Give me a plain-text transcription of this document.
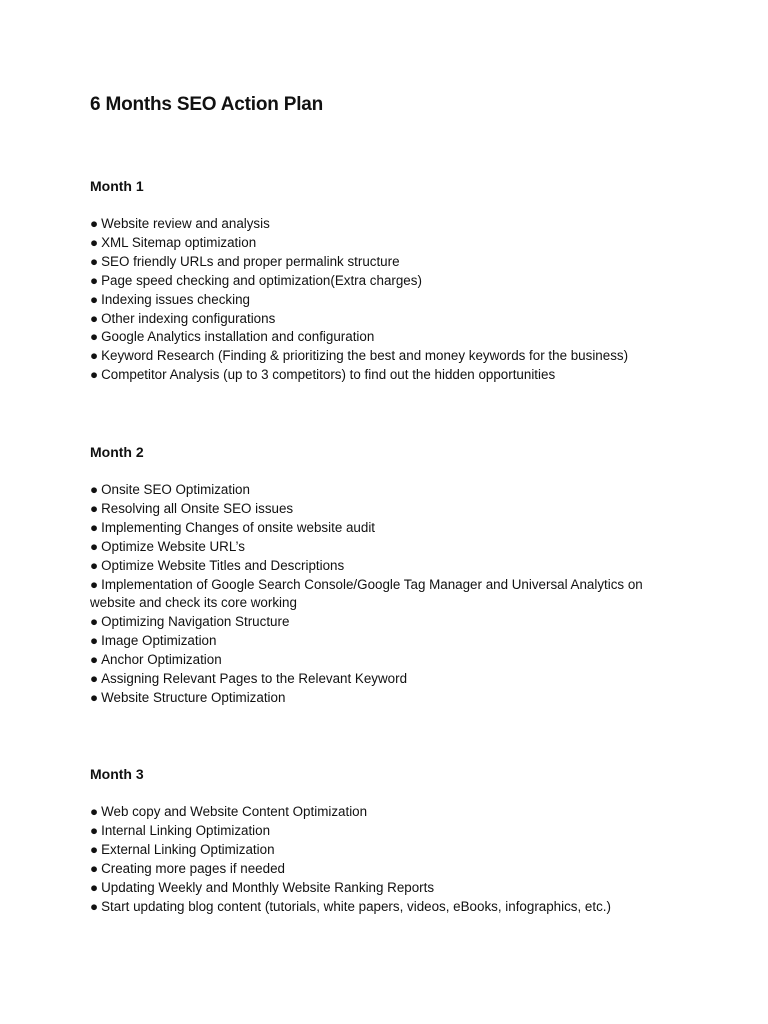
6 Months SEO Action Plan
Month 1
● Website review and analysis
● XML Sitemap optimization
● SEO friendly URLs and proper permalink structure
● Page speed checking and optimization(Extra charges)
● Indexing issues checking
● Other indexing configurations
● Google Analytics installation and configuration
● Keyword Research (Finding & prioritizing the best and money keywords for the business)
● Competitor Analysis (up to 3 competitors) to find out the hidden opportunities
Month 2
● Onsite SEO Optimization
● Resolving all Onsite SEO issues
● Implementing Changes of onsite website audit
● Optimize Website URL’s
● Optimize Website Titles and Descriptions
● Implementation of Google Search Console/Google Tag Manager and Universal Analytics on website and check its core working
● Optimizing Navigation Structure
● Image Optimization
● Anchor Optimization
● Assigning Relevant Pages to the Relevant Keyword
● Website Structure Optimization
Month 3
● Web copy and Website Content Optimization
● Internal Linking Optimization
● External Linking Optimization
● Creating more pages if needed
● Updating Weekly and Monthly Website Ranking Reports
● Start updating blog content (tutorials, white papers, videos, eBooks, infographics, etc.)
